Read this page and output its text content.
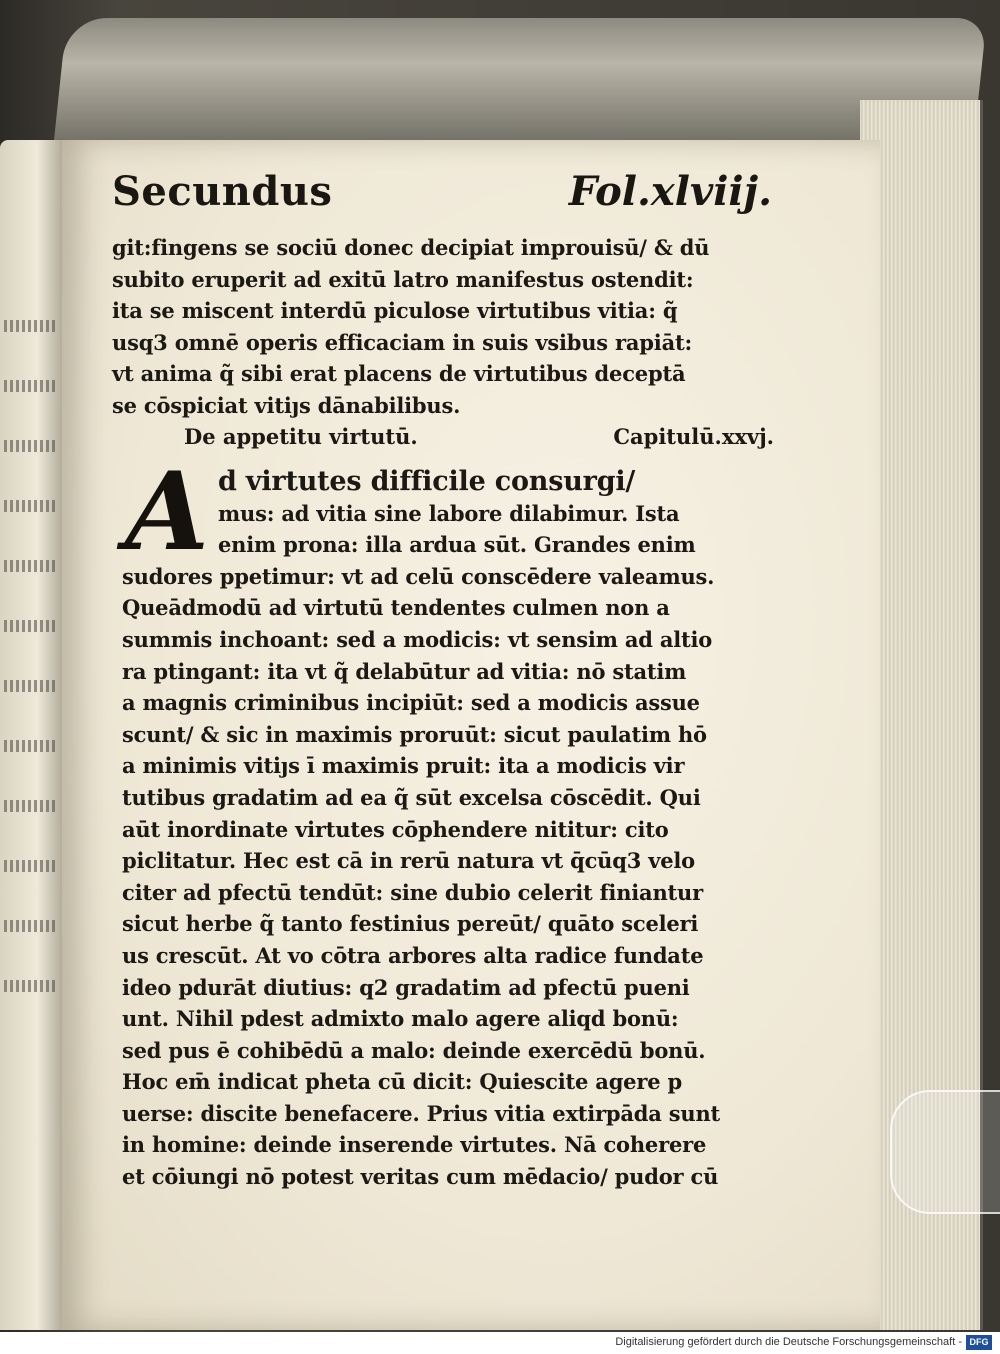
Secundus	Fol.xlviij.
git:fingens se sociū donec decipiat improuisū/ & dū
subito eruperit ad exitū latro manifestus ostendit:
ita se miscent interdū piculose virtutibus vitia: q̃
usq3 omnē operis efficaciam in suis vsibus rapiāt:
vt anima q̃ sibi erat placens de virtutibus deceptā
se cōspiciat vitiȷs dānabilibus.
De appetitu virtutū.	Capitulū.xxvj.
A d virtutes difficile consurgi/
mus: ad vitia sine labore dilabimur. Ista
enim prona: illa ardua sūt. Grandes enim
sudores ppetimur: vt ad celū conscēdere valeamus.
Queādmodū ad virtutū tendentes culmen non a
summis inchoant: sed a modicis: vt sensim ad altio
ra ptingant: ita vt q̃ delabūtur ad vitia: nō statim
a magnis criminibus incipiūt: sed a modicis assue
scunt/ & sic in maximis proruūt: sicut paulatim hō
a minimis vitiȷs ī maximis pruit: ita a modicis vir
tutibus gradatim ad ea q̃ sūt excelsa cōscēdit. Qui
aūt inordinate virtutes cōphendere nititur: cito
piclitatur. Hec est cā in rerū natura vt q̄cūq3 velo
citer ad pfectū tendūt: sine dubio celerit finiantur
sicut herbe q̃ tanto festinius pereūt/ quāto sceleri
us crescūt. At vo cōtra arbores alta radice fundate
ideo pdurāt diutius: q2 gradatim ad pfectū pueni
unt. Nihil pdest admixto malo agere aliqd bonū:
sed pus ē cohibēdū a malo: deinde exercēdū bonū.
Hoc em̄ indicat pheta cū dicit: Quiescite agere p
uerse: discite benefacere. Prius vitia extirpāda sunt
in homine: deinde inserende virtutes. Nā coherere
et cōiungi nō potest veritas cum mēdacio/ pudor cū
Digitalisierung gefördert durch die Deutsche Forschungsgemeinschaft - DFG
